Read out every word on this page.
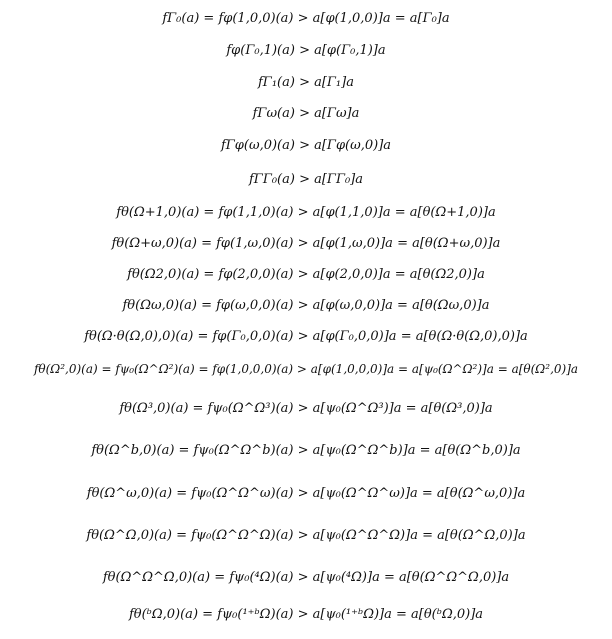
fΓ₀(a) = fφ(1,0,0)(a) > a[φ(1,0,0)]a = a[Γ₀]a
fφ(Γ₀,1)(a) > a[φ(Γ₀,1)]a
fΓ₁(a) > a[Γ₁]a
fΓω(a) > a[Γω]a
fΓφ(ω,0)(a) > a[Γφ(ω,0)]a
fΓΓ₀(a) > a[ΓΓ₀]a
fθ(Ω+1,0)(a) = fφ(1,1,0)(a) > a[φ(1,1,0)]a = a[θ(Ω+1,0)]a
fθ(Ω+ω,0)(a) = fφ(1,ω,0)(a) > a[φ(1,ω,0)]a = a[θ(Ω+ω,0)]a
fθ(Ω2,0)(a) = fφ(2,0,0)(a) > a[φ(2,0,0)]a = a[θ(Ω2,0)]a
fθ(Ωω,0)(a) = fφ(ω,0,0)(a) > a[φ(ω,0,0)]a = a[θ(Ωω,0)]a
fθ(Ω·θ(Ω,0),0)(a) = fφ(Γ₀,0,0)(a) > a[φ(Γ₀,0,0)]a = a[θ(Ω·θ(Ω,0),0)]a
fθ(Ω²,0)(a) = fψ₀(Ω^Ω²)(a) = fφ(1,0,0,0)(a) > a[φ(1,0,0,0)]a = a[ψ₀(Ω^Ω²)]a = a[θ(Ω²,0)]a
fθ(Ω³,0)(a) = fψ₀(Ω^Ω³)(a) > a[ψ₀(Ω^Ω³)]a = a[θ(Ω³,0)]a
fθ(Ω^b,0)(a) = fψ₀(Ω^Ω^b)(a) > a[ψ₀(Ω^Ω^b)]a = a[θ(Ω^b,0)]a
fθ(Ω^ω,0)(a) = fψ₀(Ω^Ω^ω)(a) > a[ψ₀(Ω^Ω^ω)]a = a[θ(Ω^ω,0)]a
fθ(Ω^Ω,0)(a) = fψ₀(Ω^Ω^Ω)(a) > a[ψ₀(Ω^Ω^Ω)]a = a[θ(Ω^Ω,0)]a
fθ(Ω^Ω^Ω,0)(a) = fψ₀(⁴Ω)(a) > a[ψ₀(⁴Ω)]a = a[θ(Ω^Ω^Ω,0)]a
fθ(ᵇΩ,0)(a) = fψ₀(¹⁺ᵇΩ)(a) > a[ψ₀(¹⁺ᵇΩ)]a = a[θ(ᵇΩ,0)]a
